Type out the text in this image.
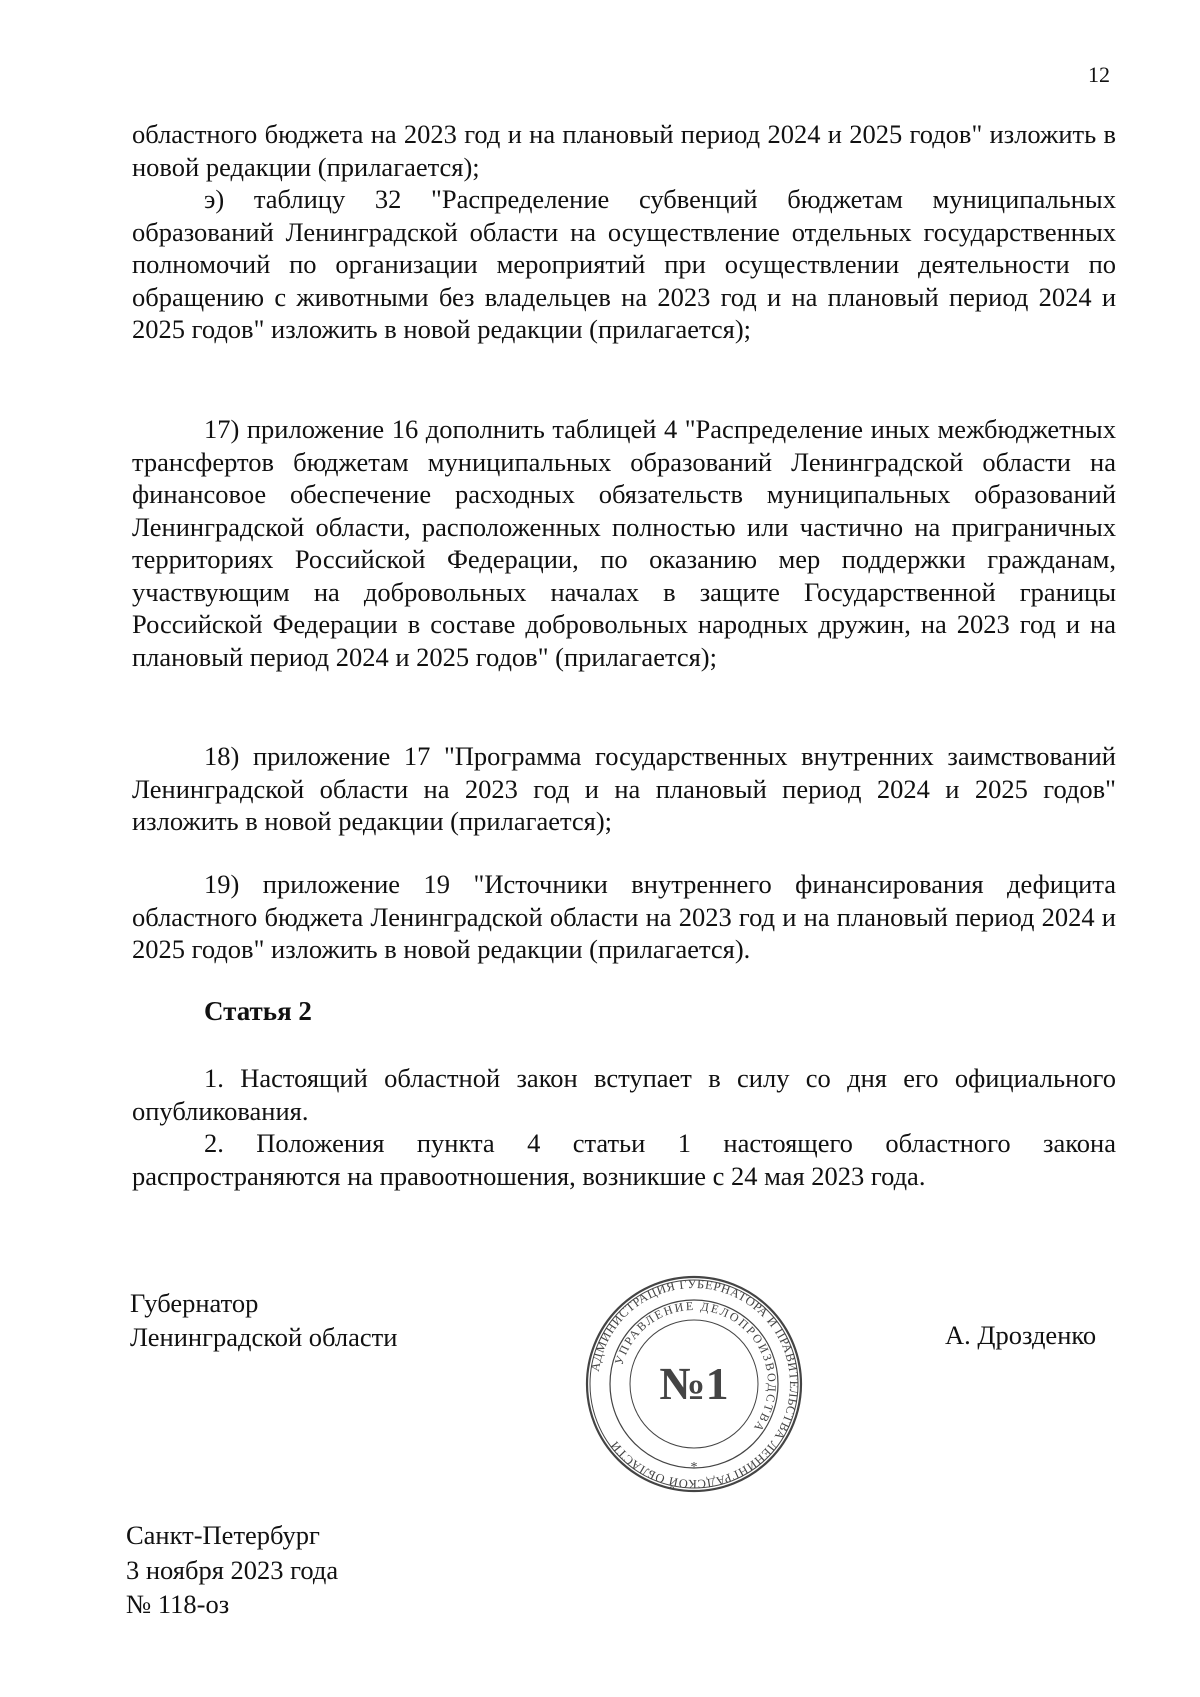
12
областного бюджета на 2023 год и на плановый период 2024 и 2025 годов" изложить в новой редакции (прилагается);
э) таблицу 32 "Распределение субвенций бюджетам муниципальных образований Ленинградской области на осуществление отдельных государственных полномочий по организации мероприятий при осуществлении деятельности по обращению с животными без владельцев на 2023 год и на плановый период 2024 и 2025 годов" изложить в новой редакции (прилагается);
17) приложение 16 дополнить таблицей 4 "Распределение иных межбюджетных трансфертов бюджетам муниципальных образований Ленинградской области на финансовое обеспечение расходных обязательств муниципальных образований Ленинградской области, расположенных полностью или частично на приграничных территориях Российской Федерации, по оказанию мер поддержки гражданам, участвующим на добровольных началах в защите Государственной границы Российской Федерации в составе добровольных народных дружин, на 2023 год и на плановый период 2024 и 2025 годов" (прилагается);
18) приложение 17 "Программа государственных внутренних заимствований Ленинградской области на 2023 год и на плановый период 2024 и 2025 годов" изложить в новой редакции (прилагается);
19) приложение 19 "Источники внутреннего финансирования дефицита областного бюджета Ленинградской области на 2023 год и на плановый период 2024 и 2025 годов" изложить в новой редакции (прилагается).
Статья 2
1. Настоящий областной закон вступает в силу со дня его официального опубликования.
2. Положения пункта 4 статьи 1 настоящего областного закона распространяются на правоотношения, возникшие с 24 мая 2023 года.
Губернатор
Ленинградской области	А. Дрозденко
АДМИНИСТРАЦИЯ ГУБЕРНАТОРА И ПРАВИТЕЛЬСТВА ЛЕНИНГРАДСКОЙ ОБЛАСТИ
УПРАВЛЕНИЕ ДЕЛОПРОИЗВОДСТВА
№1
*
Санкт-Петербург
3 ноября 2023 года
№ 118-оз
